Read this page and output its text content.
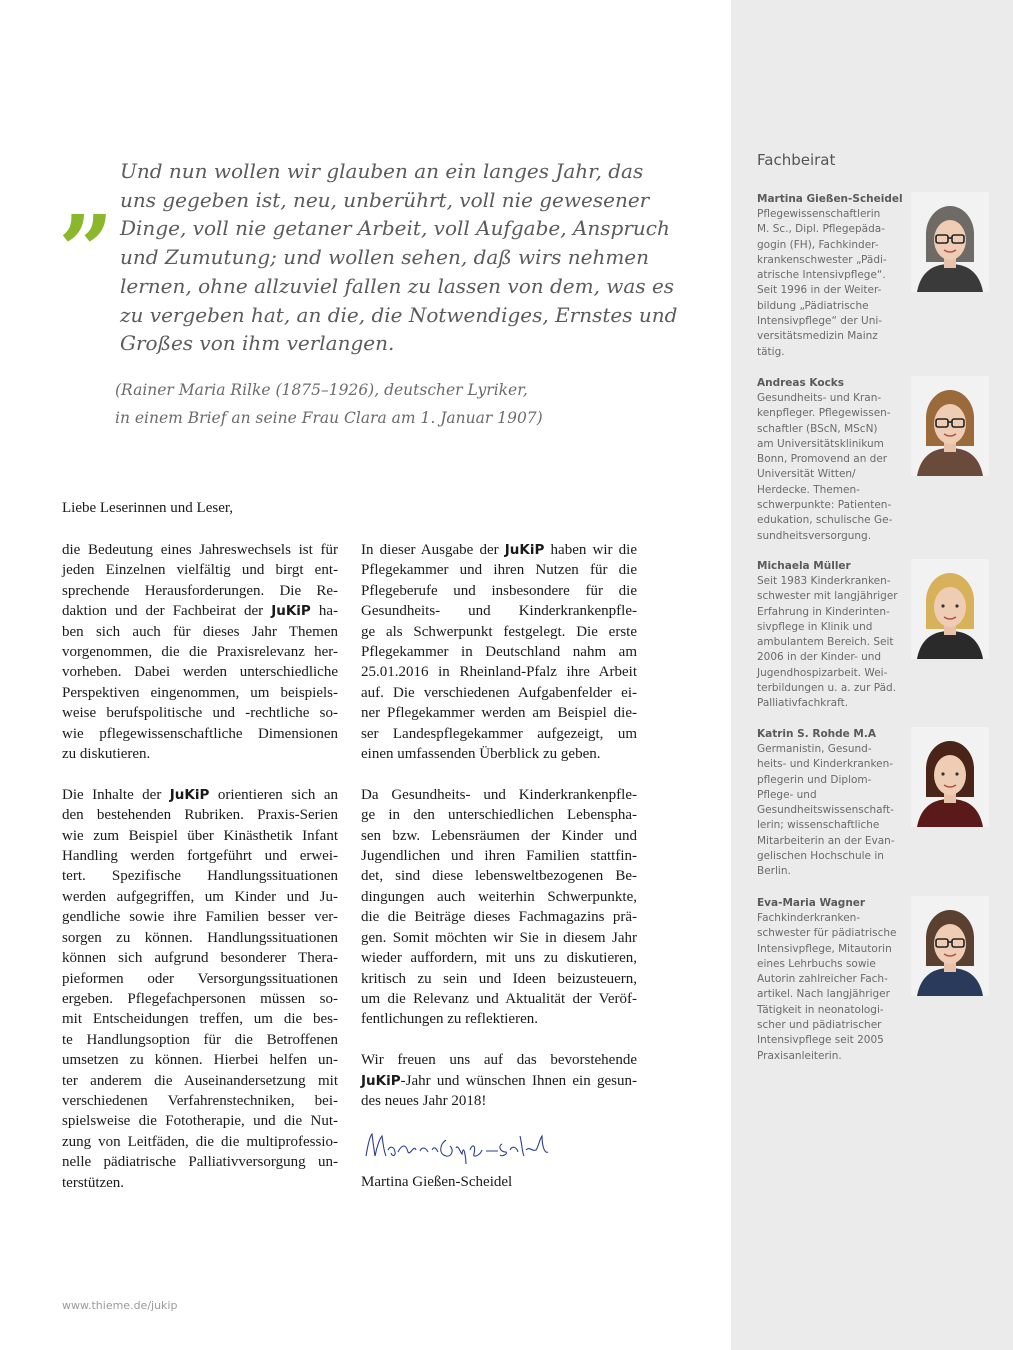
Fachbeirat
„ Und nun wollen wir glauben an ein langes Jahr, das
uns gegeben ist, neu, unberührt, voll nie gewesener
Dinge, voll nie getaner Arbeit, voll Aufgabe, Anspruch
und Zumutung; und wollen sehen, daß wirs nehmen
lernen, ohne allzuviel fallen zu lassen von dem, was es
zu vergeben hat, an die, die Notwendiges, Ernstes und
Großes von ihm verlangen.
(Rainer Maria Rilke (1875–1926), deutscher Lyriker,
in einem Brief an seine Frau Clara am 1. Januar 1907)
Liebe Leserinnen und Leser,
die Bedeutung eines Jahreswechsels ist für
jeden Einzelnen vielfältig und birgt ent-
sprechende Herausforderungen. Die Re-
daktion und der Fachbeirat der JuKiP ha-
ben sich auch für dieses Jahr Themen
vorgenommen, die die Praxisrelevanz her-
vorheben. Dabei werden unterschiedliche
Perspektiven eingenommen, um beispiels-
weise berufspolitische und -rechtliche so-
wie pflegewissenschaftliche Dimensionen
zu diskutieren.
Die Inhalte der JuKiP orientieren sich an
den bestehenden Rubriken. Praxis-Serien
wie zum Beispiel über Kinästhetik Infant
Handling werden fortgeführt und erwei-
tert. Spezifische Handlungssituationen
werden aufgegriffen, um Kinder und Ju-
gendliche sowie ihre Familien besser ver-
sorgen zu können. Handlungssituationen
können sich aufgrund besonderer Thera-
pieformen oder Versorgungssituationen
ergeben. Pflegefachpersonen müssen so-
mit Entscheidungen treffen, um die bes-
te Handlungsoption für die Betroffenen
umsetzen zu können. Hierbei helfen un-
ter anderem die Auseinandersetzung mit
verschiedenen Verfahrenstechniken, bei-
spielsweise die Fototherapie, und die Nut-
zung von Leitfäden, die die multiprofessio-
nelle pädiatrische Palliativversorgung un-
terstützen.
In dieser Ausgabe der JuKiP haben wir die
Pflegekammer und ihren Nutzen für die
Pflegeberufe und insbesondere für die
Gesundheits- und Kinderkrankenpfle-
ge als Schwerpunkt festgelegt. Die erste
Pflegekammer in Deutschland nahm am
25.01.2016 in Rheinland-Pfalz ihre Arbeit
auf. Die verschiedenen Aufgabenfelder ei-
ner Pflegekammer werden am Beispiel die-
ser Landespflegekammer aufgezeigt, um
einen umfassenden Überblick zu geben.
Da Gesundheits- und Kinderkrankenpfle-
ge in den unterschiedlichen Lebenspha-
sen bzw. Lebensräumen der Kinder und
Jugendlichen und ihren Familien stattfin-
det, sind diese lebensweltbezogenen Be-
dingungen auch weiterhin Schwerpunkte,
die die Beiträge dieses Fachmagazins prä-
gen. Somit möchten wir Sie in diesem Jahr
wieder auffordern, mit uns zu diskutieren,
kritisch zu sein und Ideen beizusteuern,
um die Relevanz und Aktualität der Veröf-
fentlichungen zu reflektieren.
Wir freuen uns auf das bevorstehende
JuKiP-Jahr und wünschen Ihnen ein gesun-
des neues Jahr 2018!
Martina Gießen-Scheidel
Martina Gießen-Scheidel
Pflegewissenschaftlerin
M. Sc., Dipl. Pflegepäda-
gogin (FH), Fachkinder-
krankenschwester „Pädi-
atrische Intensivpflege“.
Seit 1996 in der Weiter-
bildung „Pädiatrische
Intensivpflege“ der Uni-
versitätsmedizin Mainz
tätig.
Andreas Kocks
Gesundheits- und Kran-
kenpfleger. Pflegewissen-
schaftler (BScN, MScN)
am Universitätsklinikum
Bonn, Promovend an der
Universität Witten/
Herdecke. Themen-
schwerpunkte: Patienten-
edukation, schulische Ge-
sundheitsversorgung.
Michaela Müller
Seit 1983 Kinderkranken-
schwester mit langjähriger
Erfahrung in Kinderinten-
sivpflege in Klinik und
ambulantem Bereich. Seit
2006 in der Kinder- und
Jugendhospizarbeit. Wei-
terbildungen u. a. zur Päd.
Palliativfachkraft.
Katrin S. Rohde M.A
Germanistin, Gesund-
heits- und Kinderkranken-
pflegerin und Diplom-
Pflege- und
Gesundheitswissenschaft-
lerin; wissenschaftliche
Mitarbeiterin an der Evan-
gelischen Hochschule in
Berlin.
Eva-Maria Wagner
Fachkinderkranken-
schwester für pädiatrische
Intensivpflege, Mitautorin
eines Lehrbuchs sowie
Autorin zahlreicher Fach-
artikel. Nach langjähriger
Tätigkeit in neonatologi-
scher und pädiatrischer
Intensivpflege seit 2005
Praxisanleiterin.
www.thieme.de/jukip
